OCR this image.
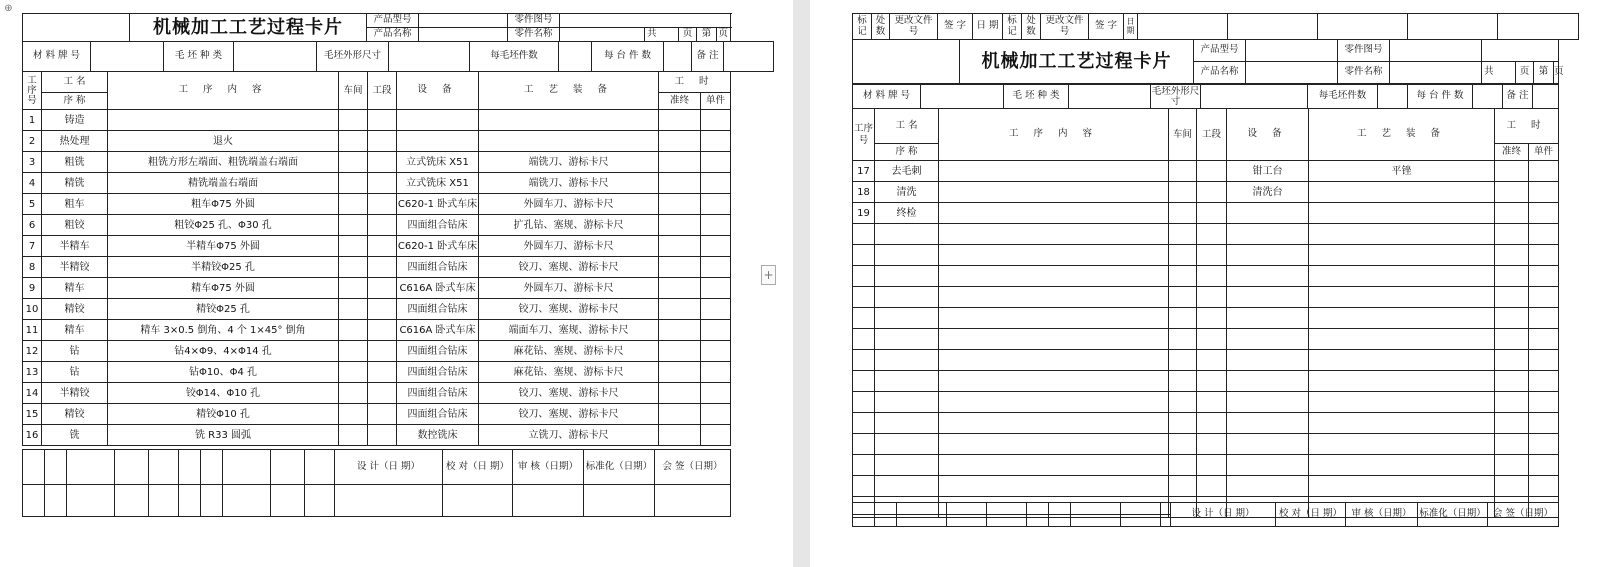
⊕
	机械加工工艺过程卡片	产品型号		零件图号					
		产品名称		零件名称		共	页	第	页
材 料 牌 号		毛 坯 种 类		毛坯外形尺寸		每毛坯件数		每 台 件 数		备 注	
工序号	工 名	工 序 内 容	车间	工段	设 备	工 艺 装 备	工 时	
	序 称						准终	单件
1	铸造							
2	热处理	退火						
3	粗铣	粗铣方形左端面、粗铣端盖右端面			立式铣床 X51	端铣刀、游标卡尺		
4	精铣	精铣端盖右端面			立式铣床 X51	端铣刀、游标卡尺		
5	粗车	粗车Φ75 外圆			C620-1 卧式车床	外圆车刀、游标卡尺		
6	粗铰	粗铰Φ25 孔、Φ30 孔			四面组合钻床	扩孔钻、塞规、游标卡尺		
7	半精车	半精车Φ75 外圆			C620-1 卧式车床	外圆车刀、游标卡尺		
8	半精铰	半精铰Φ25 孔			四面组合钻床	铰刀、塞规、游标卡尺		
9	精车	精车Φ75 外圆			C616A 卧式车床	外圆车刀、游标卡尺		
10	精铰	精铰Φ25 孔			四面组合钻床	铰刀、塞规、游标卡尺		
11	精车	精车 3×0.5 倒角、4 个 1×45° 倒角			C616A 卧式车床	端面车刀、塞规、游标卡尺		
12	钻	钻4×Φ9、4×Φ14 孔			四面组合钻床	麻花钻、塞规、游标卡尺		
13	钻	钻Φ10、Φ4 孔			四面组合钻床	麻花钻、塞规、游标卡尺		
14	半精铰	铰Φ14、Φ10 孔			四面组合钻床	铰刀、塞规、游标卡尺		
15	精铰	精铰Φ10 孔			四面组合钻床	铰刀、塞规、游标卡尺		
16	铣	铣 R33 圆弧			数控铣床	立铣刀、游标卡尺		
										设 计（日 期）	校 对（日 期）	审 核（日期）	标准化（日期）	会 签（日期）

+
标记	处数	更改文件号	签 字	日 期	标记	处数	更改文件号	签 字	日期					

	机械加工工艺过程卡片	产品型号		零件图号					
		产品名称		零件名称		共	页	第	页
材 料 牌 号		毛 坯 种 类		毛坯外形尺寸		每毛坯件数		每 台 件 数		备 注	
工序号	工 名	工 序 内 容	车间	工段	设 备	工 艺 装 备	工 时	
	序 称						准终	单件
17	去毛刺				钳工台	平锉		
18	清洗				清洗台			
19	终检							

										设 计（日 期）	校 对（日 期）	审 核（日期）	标准化（日期）	会 签（日期）
